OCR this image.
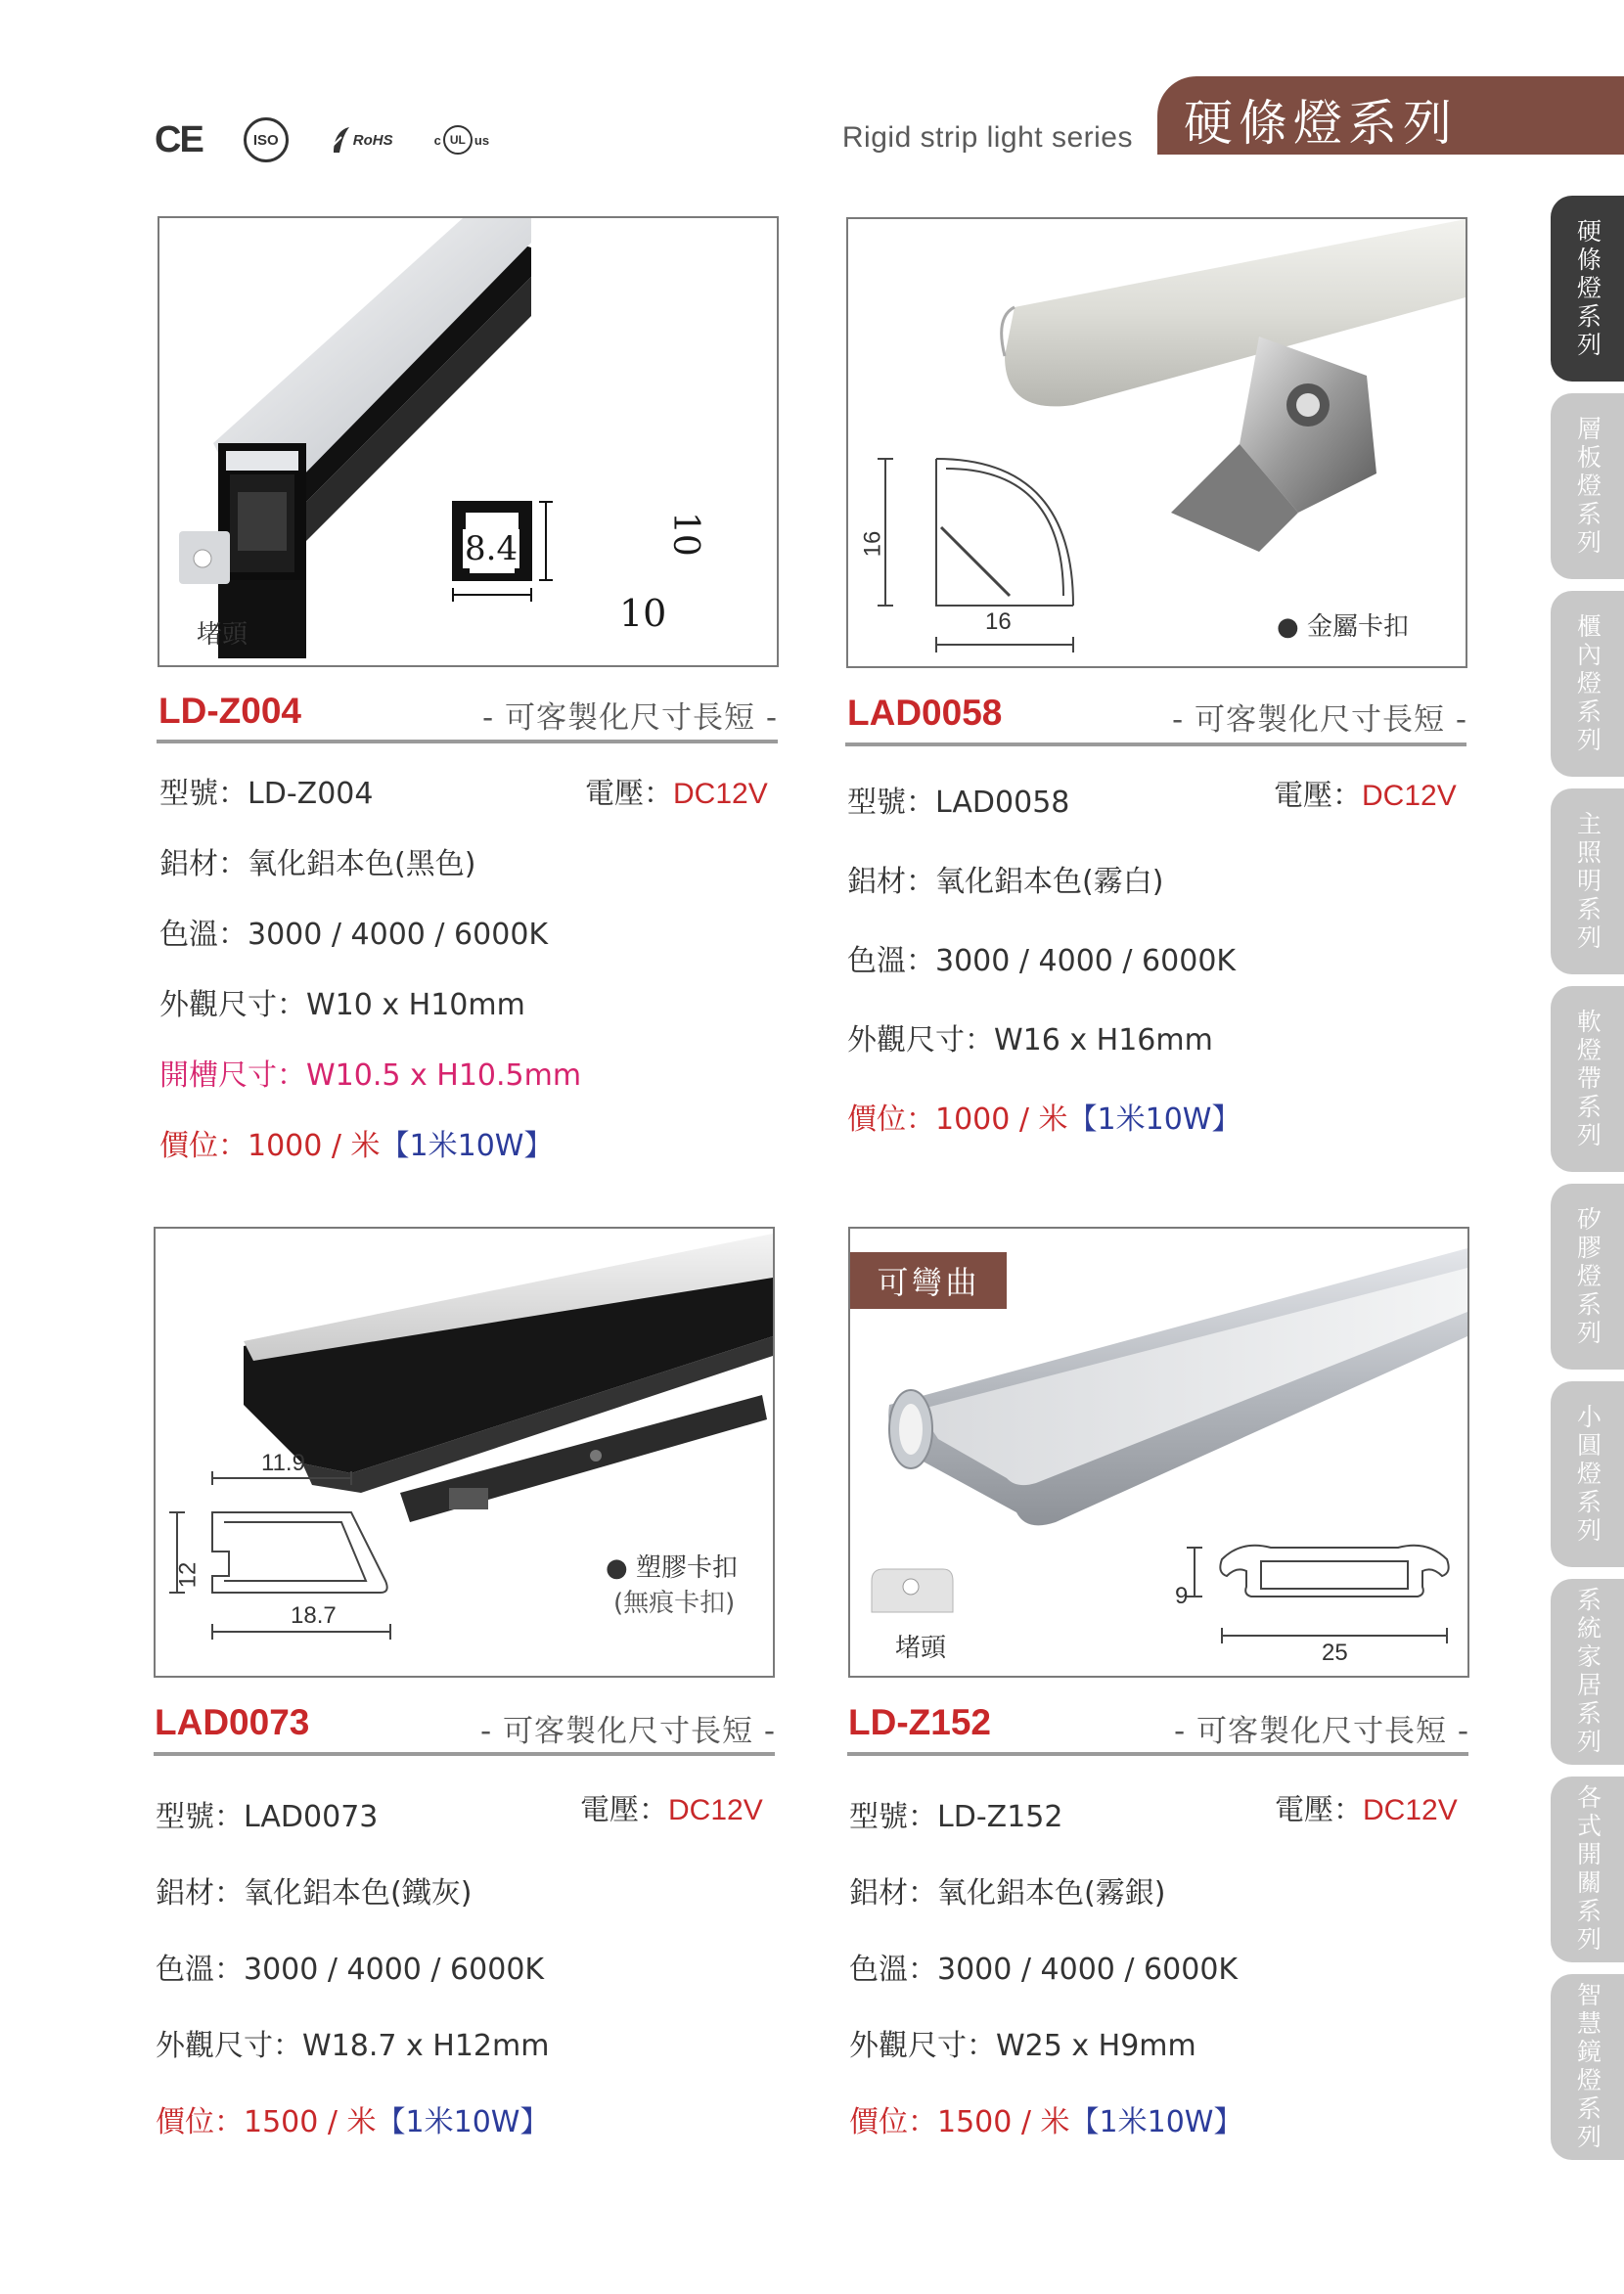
CE	ISO	RoHS	c UL us	Rigid strip light series 硬條燈系列
硬條燈系列
層板燈系列
櫃內燈系列
主照明系列
軟燈帶系列
矽膠燈系列
小圓燈系列
系統家居系列
各式開關系列
智慧鏡燈系列
堵頭
8.4	10
10
LD-Z004	- 可客製化尺寸長短 -
型號：LD-Z004	電壓：DC12V
鋁材：氧化鋁本色(黑色)
色溫：3000 / 4000 / 6000K
外觀尺寸：W10 x H10mm
開槽尺寸：W10.5 x H10.5mm
價位：1000 / 米【1米10W】
16
16	● 金屬卡扣
LAD0058	- 可客製化尺寸長短 -
型號：LAD0058	電壓：DC12V
鋁材：氧化鋁本色(霧白)
色溫：3000 / 4000 / 6000K
外觀尺寸：W16 x H16mm
價位：1000 / 米【1米10W】
11.9
12
18.7
● 塑膠卡扣
(無痕卡扣)
LAD0073	- 可客製化尺寸長短 -
型號：LAD0073	電壓：DC12V
鋁材：氧化鋁本色(鐵灰)
色溫：3000 / 4000 / 6000K
外觀尺寸：W18.7 x H12mm
價位：1500 / 米【1米10W】
可彎曲
堵頭
9
25
LD-Z152	- 可客製化尺寸長短 -
型號：LD-Z152	電壓：DC12V
鋁材：氧化鋁本色(霧銀)
色溫：3000 / 4000 / 6000K
外觀尺寸：W25 x H9mm
價位：1500 / 米【1米10W】
